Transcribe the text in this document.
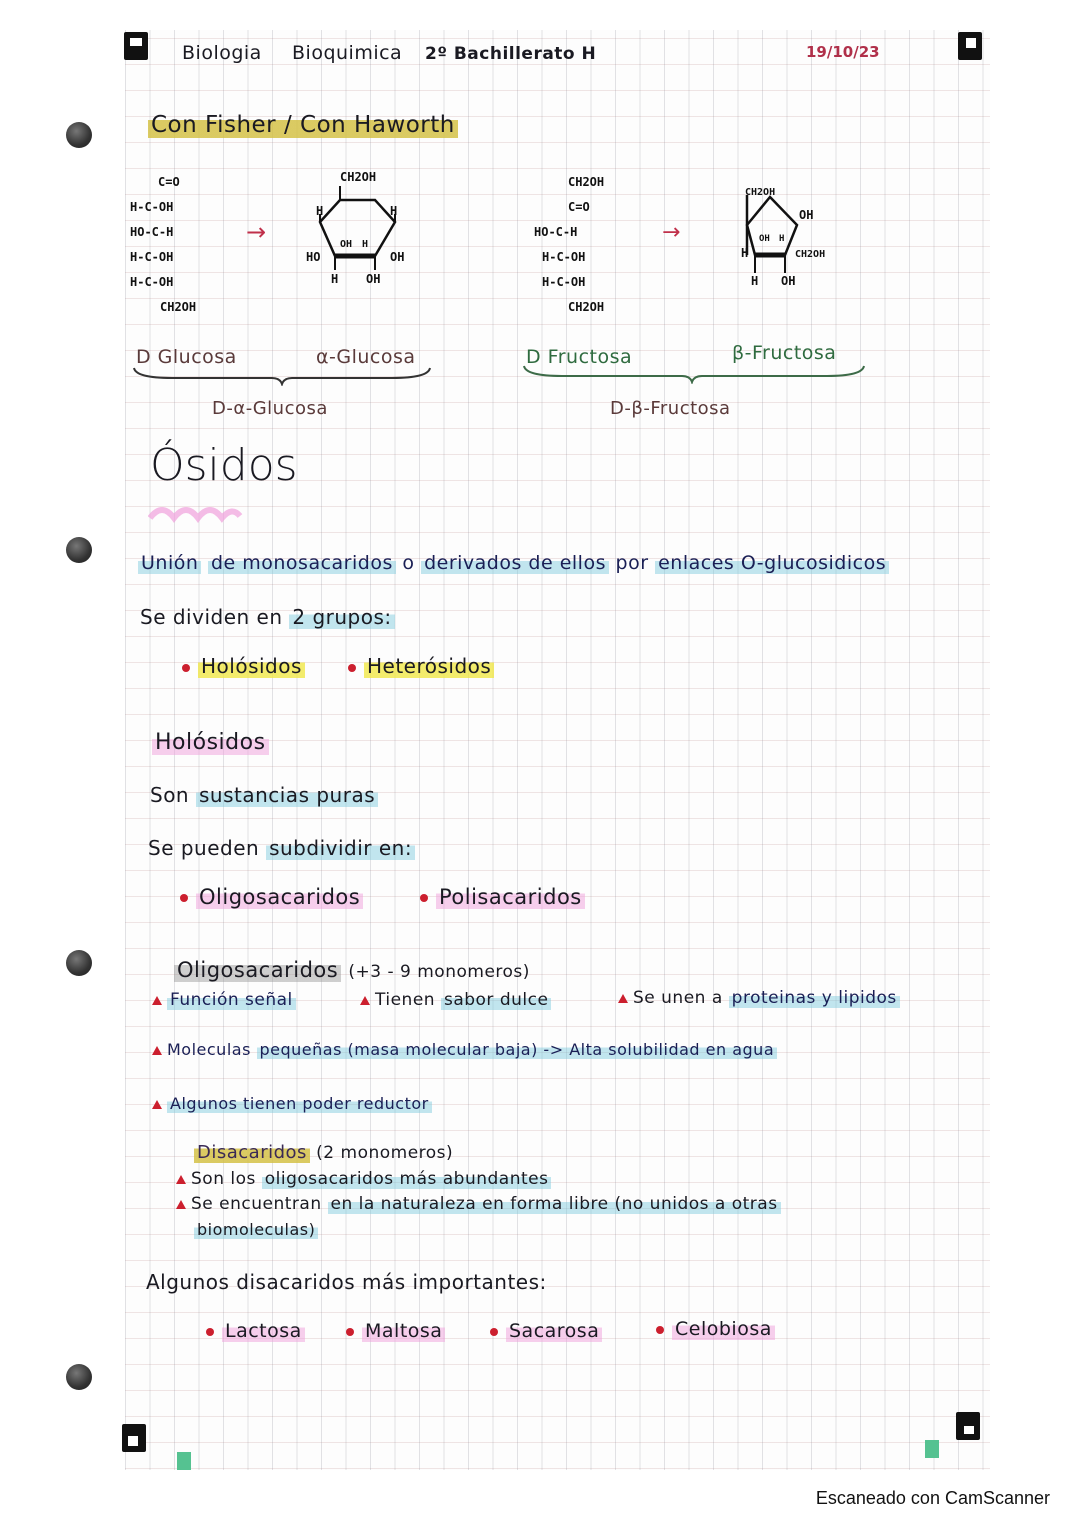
Biologia Bioquimica 2º Bachillerato H	19/10/23
Con Fisher / Con Haworth
C=O
H-C-OH
HO-C-H
H-C-OH
H-C-OH
CH2OH
→
CH2OH
H	H
OH H
HO	OH
H OH
D Glucosa	α-Glucosa
D-α-Glucosa
CH2OH
C=O
HO-C-H
H-C-OH
H-C-OH
CH2OH
→
CH2OH
OH
OH H
H	CH2OH
H OH
D Fructosa	β-Fructosa
D-β-Fructosa
Ósidos
Unión de monosacaridos o derivados de ellos por enlaces O-glucosidicos
Se dividen en 2 grupos:
Holósidos	Heterósidos
Holósidos
Son sustancias puras
Se pueden subdividir en:
Oligosacaridos	Polisacaridos
Oligosacaridos (+3 - 9 monomeros)
Función señal	Tienen sabor dulce	Se unen a proteinas y lipidos
Moleculas pequeñas (masa molecular baja) -> Alta solubilidad en agua
Algunos tienen poder reductor
Disacaridos (2 monomeros)
Son los oligosacaridos más abundantes
Se encuentran en la naturaleza en forma libre (no unidos a otras
biomoleculas)
Algunos disacaridos más importantes:
Lactosa	Maltosa	Sacarosa	Celobiosa
Escaneado con CamScanner
